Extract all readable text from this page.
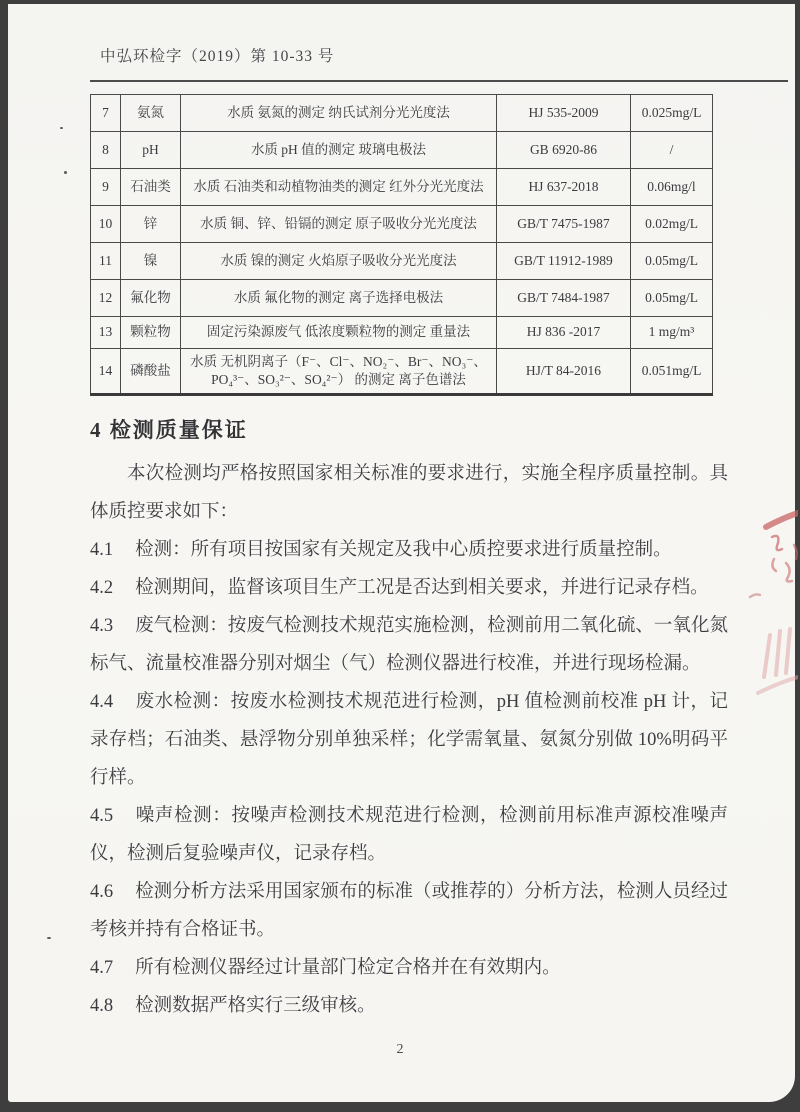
中弘环检字（2019）第 10-33 号
7	氨氮	水质 氨氮的测定 纳氏试剂分光光度法	HJ 535-2009	0.025mg/L
8	pH	水质 pH 值的测定 玻璃电极法	GB 6920-86	/
9	石油类	水质 石油类和动植物油类的测定 红外分光光度法	HJ 637-2018	0.06mg/l
10	锌	水质 铜、锌、铅镉的测定 原子吸收分光光度法	GB/T 7475-1987	0.02mg/L
11	镍	水质 镍的测定 火焰原子吸收分光光度法	GB/T 11912-1989	0.05mg/L
12	氟化物	水质 氟化物的测定 离子选择电极法	GB/T 7484-1987	0.05mg/L
13	颗粒物	固定污染源废气 低浓度颗粒物的测定 重量法	HJ 836 -2017	1 mg/m³
14	磷酸盐	水质 无机阴离子（F⁻、Cl⁻、NO₂⁻、Br⁻、NO₃⁻、PO₄³⁻、SO₃²⁻、SO₄²⁻） 的测定 离子色谱法	HJ/T 84-2016	0.051mg/L
4 检测质量保证

本次检测均严格按照国家相关标准的要求进行，实施全程序质量控制。具体质控要求如下：

4.1 检测：所有项目按国家有关规定及我中心质控要求进行质量控制。

4.2 检测期间，监督该项目生产工况是否达到相关要求，并进行记录存档。

4.3 废气检测：按废气检测技术规范实施检测，检测前用二氧化硫、一氧化氮标气、流量校准器分别对烟尘（气）检测仪器进行校准，并进行现场检漏。

4.4 废水检测：按废水检测技术规范进行检测，pH 值检测前校准 pH 计，记录存档；石油类、悬浮物分别单独采样；化学需氧量、氨氮分别做 10%明码平行样。

4.5 噪声检测：按噪声检测技术规范进行检测，检测前用标准声源校准噪声仪，检测后复验噪声仪，记录存档。

4.6 检测分析方法采用国家颁布的标准（或推荐的）分析方法，检测人员经过考核并持有合格证书。

4.7 所有检测仪器经过计量部门检定合格并在有效期内。

4.8 检测数据严格实行三级审核。

2
